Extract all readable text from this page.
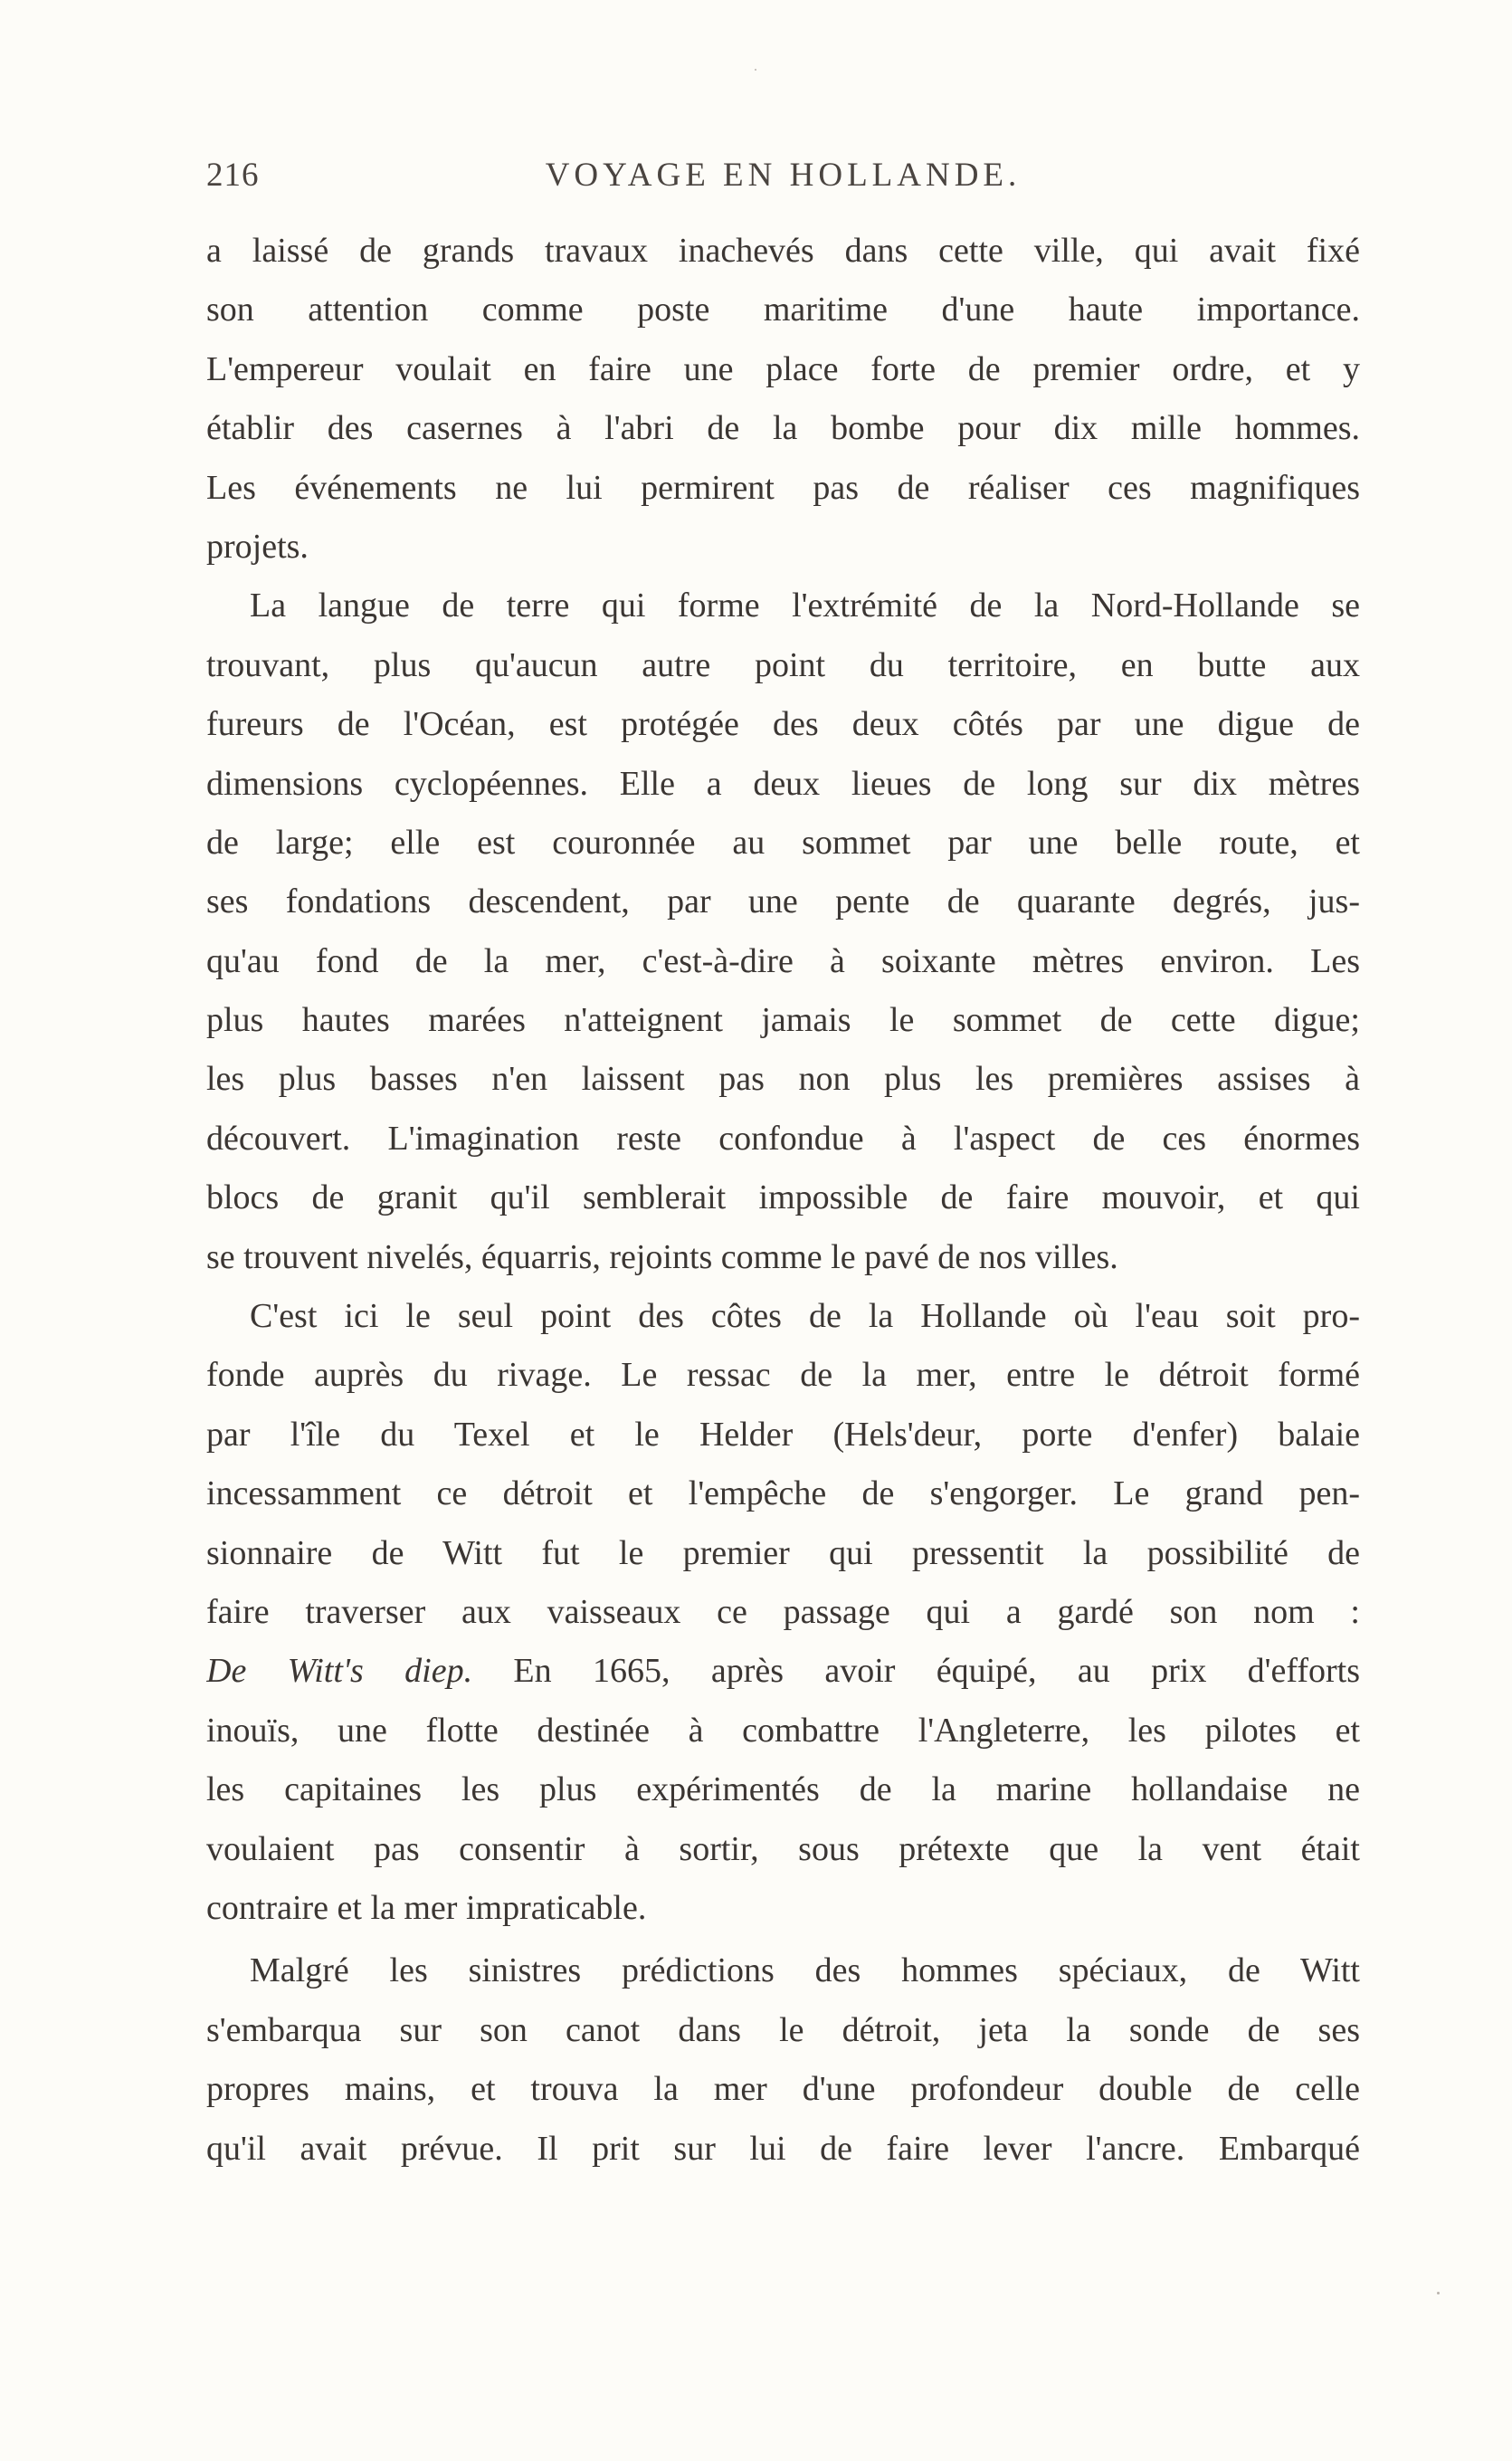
216	VOYAGE EN HOLLANDE.
a laissé de grands travaux inachevés dans cette ville, qui avait fixé
son attention comme poste maritime d'une haute importance.
L'empereur voulait en faire une place forte de premier ordre, et y
établir des casernes à l'abri de la bombe pour dix mille hommes.
Les événements ne lui permirent pas de réaliser ces magnifiques
projets.
La langue de terre qui forme l'extrémité de la Nord-Hollande se
trouvant, plus qu'aucun autre point du territoire, en butte aux
fureurs de l'Océan, est protégée des deux côtés par une digue de
dimensions cyclopéennes. Elle a deux lieues de long sur dix mètres
de large; elle est couronnée au sommet par une belle route, et
ses fondations descendent, par une pente de quarante degrés, jus-
qu'au fond de la mer, c'est-à-dire à soixante mètres environ. Les
plus hautes marées n'atteignent jamais le sommet de cette digue;
les plus basses n'en laissent pas non plus les premières assises à
découvert. L'imagination reste confondue à l'aspect de ces énormes
blocs de granit qu'il semblerait impossible de faire mouvoir, et qui
se trouvent nivelés, équarris, rejoints comme le pavé de nos villes.
C'est ici le seul point des côtes de la Hollande où l'eau soit pro-
fonde auprès du rivage. Le ressac de la mer, entre le détroit formé
par l'île du Texel et le Helder (Hels'deur, porte d'enfer) balaie
incessamment ce détroit et l'empêche de s'engorger. Le grand pen-
sionnaire de Witt fut le premier qui pressentit la possibilité de
faire traverser aux vaisseaux ce passage qui a gardé son nom :
De Witt's diep. En 1665, après avoir équipé, au prix d'efforts
inouïs, une flotte destinée à combattre l'Angleterre, les pilotes et
les capitaines les plus expérimentés de la marine hollandaise ne
voulaient pas consentir à sortir, sous prétexte que la vent était
contraire et la mer impraticable.
Malgré les sinistres prédictions des hommes spéciaux, de Witt
s'embarqua sur son canot dans le détroit, jeta la sonde de ses
propres mains, et trouva la mer d'une profondeur double de celle
qu'il avait prévue. Il prit sur lui de faire lever l'ancre. Embarqué
